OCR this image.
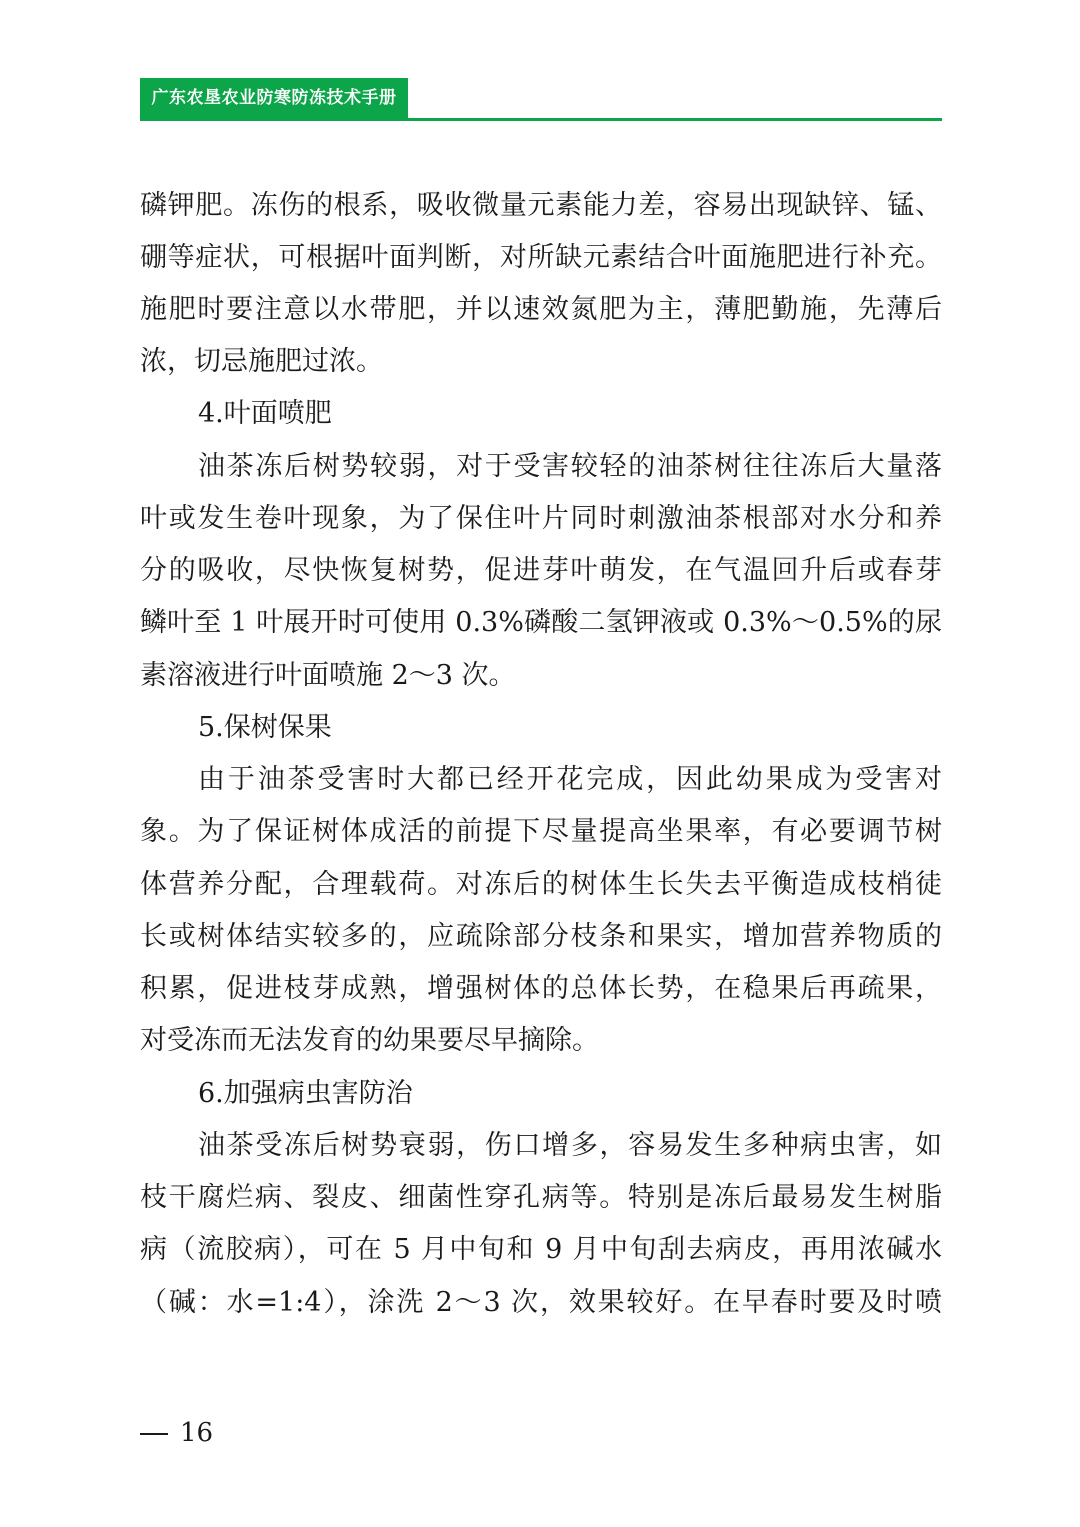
广东农垦农业防寒防冻技术手册
磷钾肥。冻伤的根系，吸收微量元素能力差，容易出现缺锌、锰、
硼等症状，可根据叶面判断，对所缺元素结合叶面施肥进行补充。
施肥时要注意以水带肥，并以速效氮肥为主，薄肥勤施，先薄后
浓，切忌施肥过浓。
4.叶面喷肥
油茶冻后树势较弱，对于受害较轻的油茶树往往冻后大量落
叶或发生卷叶现象，为了保住叶片同时刺激油茶根部对水分和养
分的吸收，尽快恢复树势，促进芽叶萌发，在气温回升后或春芽
鳞叶至 1 叶展开时可使用 0.3%磷酸二氢钾液或 0.3%～0.5%的尿
素溶液进行叶面喷施 2～3 次。
5.保树保果
由于油茶受害时大都已经开花完成，因此幼果成为受害对
象。为了保证树体成活的前提下尽量提高坐果率，有必要调节树
体营养分配，合理载荷。对冻后的树体生长失去平衡造成枝梢徒
长或树体结实较多的，应疏除部分枝条和果实，增加营养物质的
积累，促进枝芽成熟，增强树体的总体长势，在稳果后再疏果，
对受冻而无法发育的幼果要尽早摘除。
6.加强病虫害防治
油茶受冻后树势衰弱，伤口增多，容易发生多种病虫害，如
枝干腐烂病、裂皮、细菌性穿孔病等。特别是冻后最易发生树脂
病（流胶病），可在 5 月中旬和 9 月中旬刮去病皮，再用浓碱水
（碱：水=1:4），涂洗 2～3 次，效果较好。在早春时要及时喷
16
